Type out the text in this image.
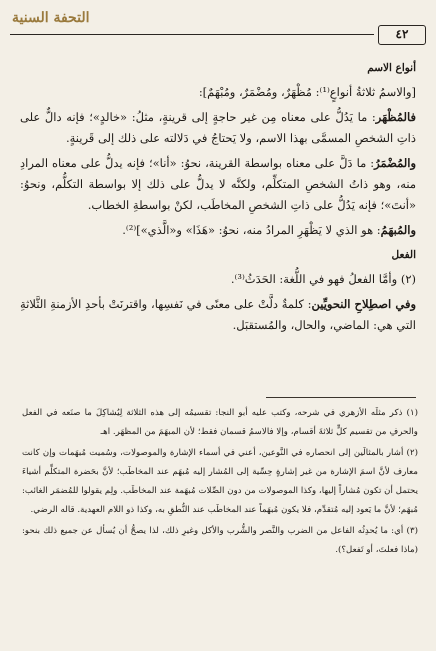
التحفة السنية
٤٢
أنواع الاسم

[والاسمُ ثلاثةُ أنواعٍ⁽¹⁾: مُظْهَرٌ، ومُضْمَرٌ، ومُبْهَمٌ]:

فالمُظْهَر: ما يَدُلُّ على معناه مِن غير حاجةٍ إلى قرينةٍ، مثلُ: «خالدٍ»؛ فإنه دالٌّ على ذاتِ الشخصِ المسمَّى بهذا الاسم، ولا يَحتاجُ في دَلالته على ذلك إلى قَرينةٍ.

والمُضْمَرُ: ما دَلَّ على معناه بواسطة القرينة، نحوُ: «أنا»؛ فإنه يدلُّ على معناه المرادِ منه، وهو ذاتُ الشخصِ المتكلِّم، ولكنَّه لا يدلُّ على ذلك إلا بواسطة التكلُّم، ونحوُ: «أنتَ»؛ فإنه يَدُلُّ على ذاتِ الشخصِ المخاطَب، لكنْ بواسطةِ الخطاب.

والمُبهَمُ: هو الذي لا يَظْهَرِ المرادُ منه، نحوُ: «هَذَا» و«الَّذي»]⁽²⁾.

الفعل

(٢) وأمَّا الفعلُ فهو في اللُّغة: الحَدَثُ⁽³⁾.

وفي اصطِلاحِ النحويِّين: كلمةٌ دلَّتْ على معنًى في نَفسِها، واقترنَتْ بأحدِ الأزمنةِ الثَّلاثةِ التي هي: الماضي، والحال، والمُستقبَل.

(١) ذكر مثلَه الأزهري في شرحه، وكتب عليه أبو النجا: تقسيمُه إلى هذه الثلاثة لِيُشاكِلَ ما صنَعه في الفعل والحرفِ من تقسيم كلٍّ ثلاثةَ أقسام، وإلا فالاسمُ قسمان فقط؛ لأن المبهَمَ من المظهَر. اهـ

(٢) أشار بالمثالَين إلى انحصاره في النَّوعين، أعني في أسماء الإشارة والموصولات، وسُميت مُبهَمات وإن كانت معارف لأنَّ اسمَ الإشارة من غير إشارةٍ حِسِّية إلى المُشار إليه مُبهَم عند المخاطَب؛ لأنَّ بحَضرة المتكلِّم أشياءَ يحتمل أن تكون مُشاراً إليها، وكذا الموصولات من دون الصِّلات مُبهَمة عند المخاطَب. ولِم يقولوا للمُضمَر الغائب: مُبهَم؛ لأنَّ ما يَعود إليه مُتقدِّم، فلا يكون مُبهَماً عند المخاطَب عند النُّطقِ به، وكذا ذو اللام العهدية. قاله الرضي.

(٣) أي: ما يُحدِثُه الفاعل من الضرب والنَّصر والشُّرب والأكل وغيرِ ذلك، لذا يصحُّ أن يُسأل عن جميع ذلك بنحو: (ماذا فعلتَ، أو تَفعل؟).
